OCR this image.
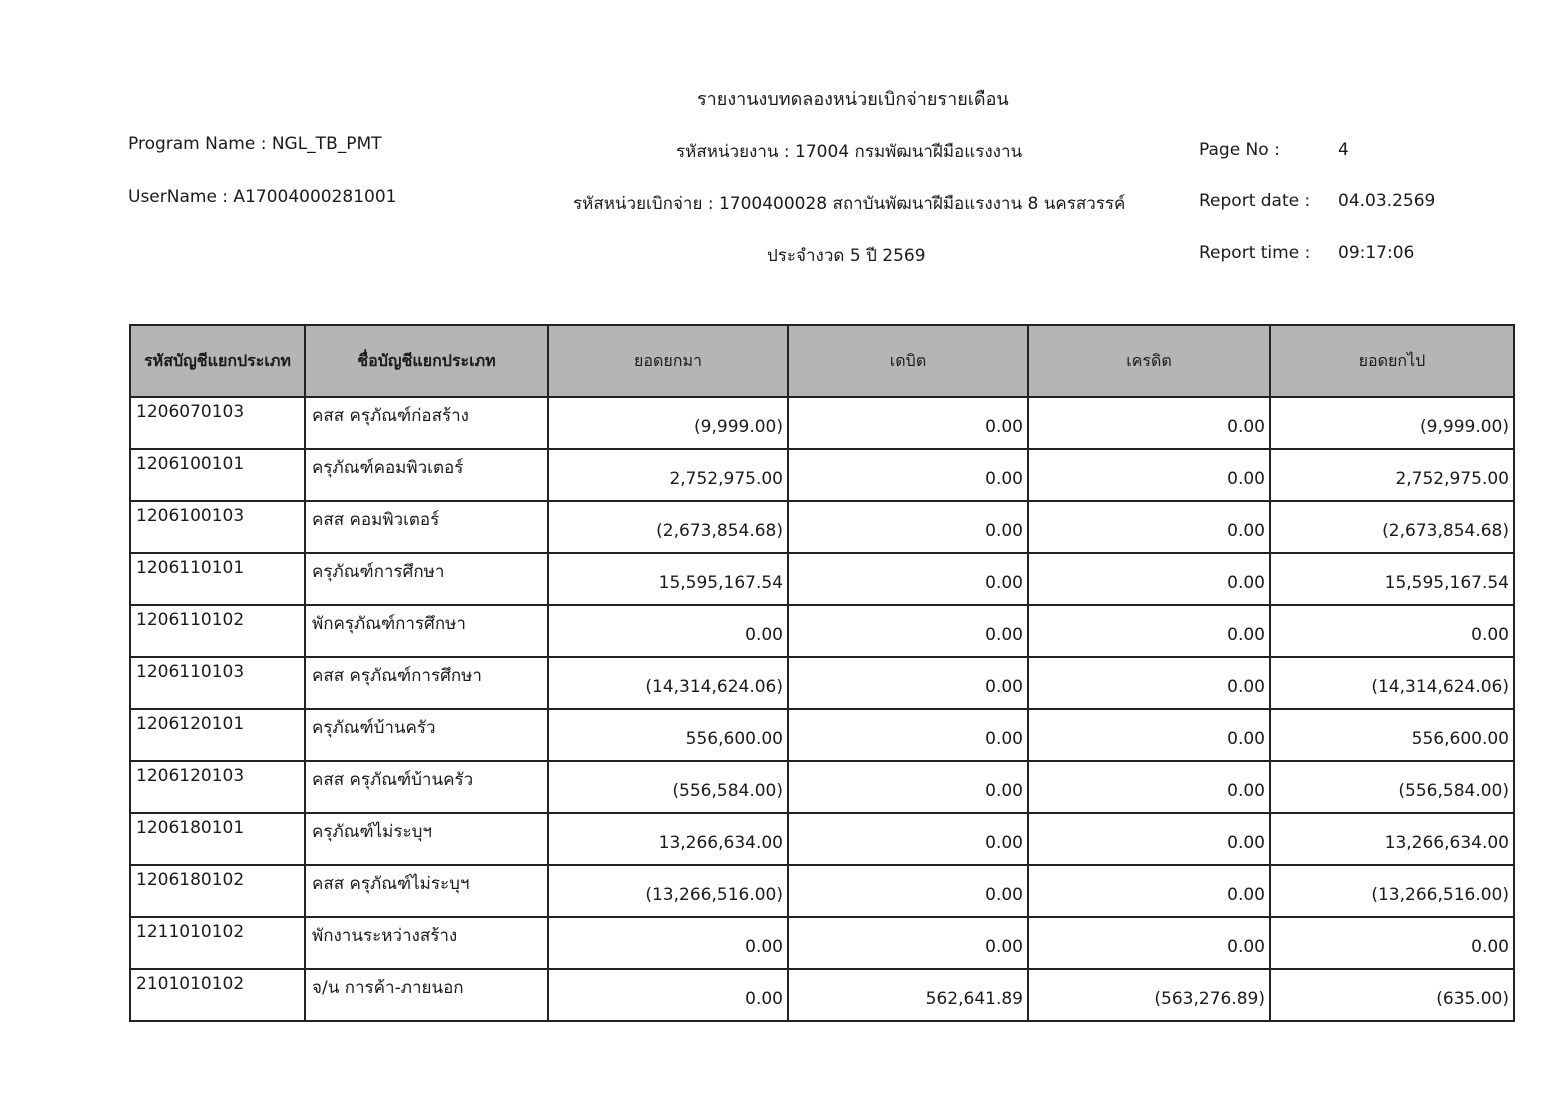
รายงานงบทดลองหน่วยเบิกจ่ายรายเดือน
Program Name : NGL_TB_PMT
UserName : A17004000281001
รหัสหน่วยงาน : 17004 กรมพัฒนาฝีมือแรงงาน
รหัสหน่วยเบิกจ่าย : 1700400028 สถาบันพัฒนาฝีมือแรงงาน 8 นครสวรรค์
ประจำงวด 5 ปี 2569
Page No :	4
Report date : 04.03.2569
Report time : 09:17:06
รหัสบัญชีแยกประเภท	ชื่อบัญชีแยกประเภท	ยอดยกมา	เดบิต	เครดิต	ยอดยกไป
1206070103	คสส ครุภัณฑ์ก่อสร้าง	(9,999.00)	0.00	0.00	(9,999.00)
1206100101	ครุภัณฑ์คอมพิวเตอร์	2,752,975.00	0.00	0.00	2,752,975.00
1206100103	คสส คอมพิวเตอร์	(2,673,854.68)	0.00	0.00	(2,673,854.68)
1206110101	ครุภัณฑ์การศึกษา	15,595,167.54	0.00	0.00	15,595,167.54
1206110102	พักครุภัณฑ์การศึกษา	0.00	0.00	0.00	0.00
1206110103	คสส ครุภัณฑ์การศึกษา	(14,314,624.06)	0.00	0.00	(14,314,624.06)
1206120101	ครุภัณฑ์บ้านครัว	556,600.00	0.00	0.00	556,600.00
1206120103	คสส ครุภัณฑ์บ้านครัว	(556,584.00)	0.00	0.00	(556,584.00)
1206180101	ครุภัณฑ์ไม่ระบุฯ	13,266,634.00	0.00	0.00	13,266,634.00
1206180102	คสส ครุภัณฑ์ไม่ระบุฯ	(13,266,516.00)	0.00	0.00	(13,266,516.00)
1211010102	พักงานระหว่างสร้าง	0.00	0.00	0.00	0.00
2101010102	จ/น การค้า-ภายนอก	0.00	562,641.89	(563,276.89)	(635.00)
